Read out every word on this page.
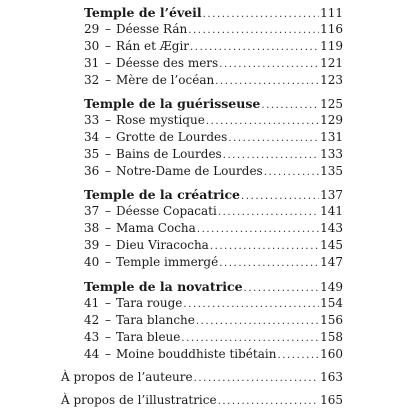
Temple de l’éveil .....	111
29 – Déesse Rán .....	116
30 – Rán et Ægir .....	119
31 – Déesse des mers .....	121
32 – Mère de l’océan .....	123
Temple de la guérisseuse .....	125
33 – Rose mystique .....	129
34 – Grotte de Lourdes .....	131
35 – Bains de Lourdes .....	133
36 – Notre-Dame de Lourdes .....	135
Temple de la créatrice .....	137
37 – Déesse Copacati .....	141
38 – Mama Cocha .....	143
39 – Dieu Viracocha .....	145
40 – Temple immergé .....	147
Temple de la novatrice .....	149
41 – Tara rouge .....	154
42 – Tara blanche .....	156
43 – Tara bleue .....	158
44 – Moine bouddhiste tibétain .....	160
À propos de l’auteure .....	163
À propos de l’illustratrice .....	165
